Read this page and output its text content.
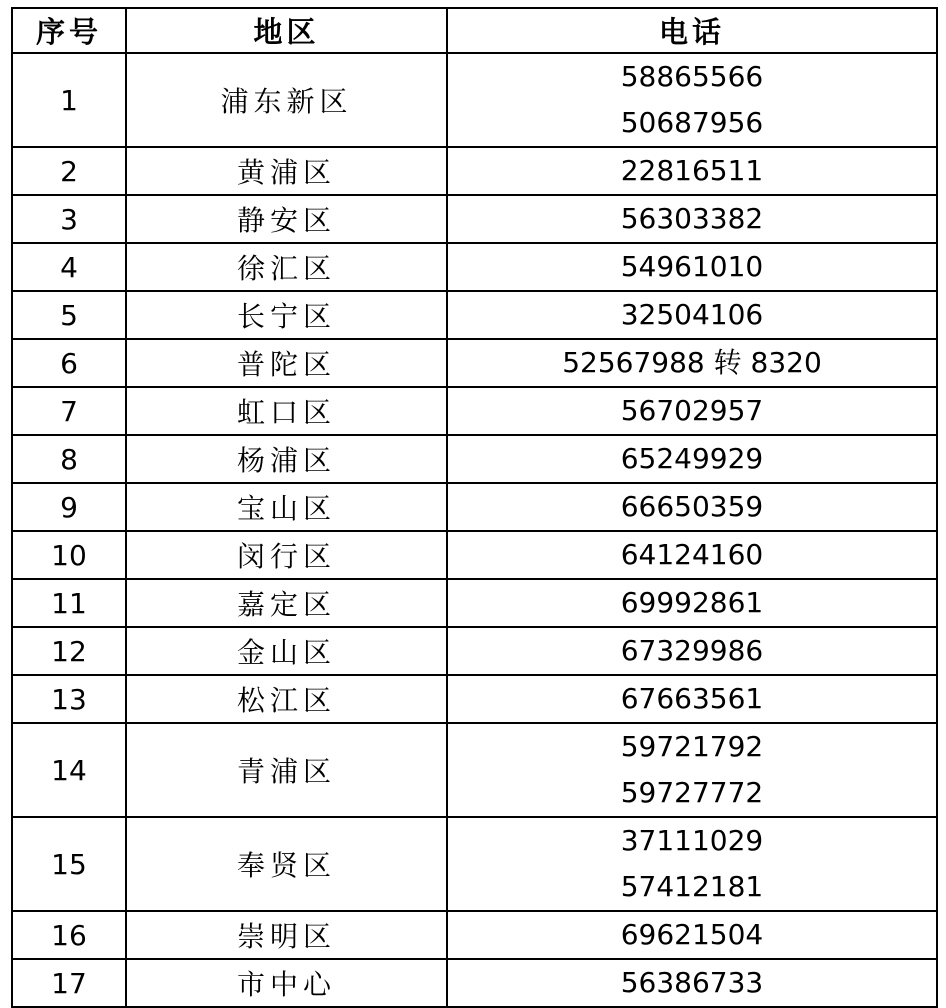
序号	地区	电话
1	浦东新区	58865566
50687956

2	黄浦区	22816511

3	静安区	56303382

4	徐汇区	54961010

5	长宁区	32504106

6	普陀区	52567988 转 8320

7	虹口区	56702957

8	杨浦区	65249929

9	宝山区	66650359

10	闵行区	64124160

11	嘉定区	69992861

12	金山区	67329986

13	松江区	67663561

14	青浦区	59721792
59727772

15	奉贤区	37111029
57412181

16	崇明区	69621504

17	市中心	56386733
